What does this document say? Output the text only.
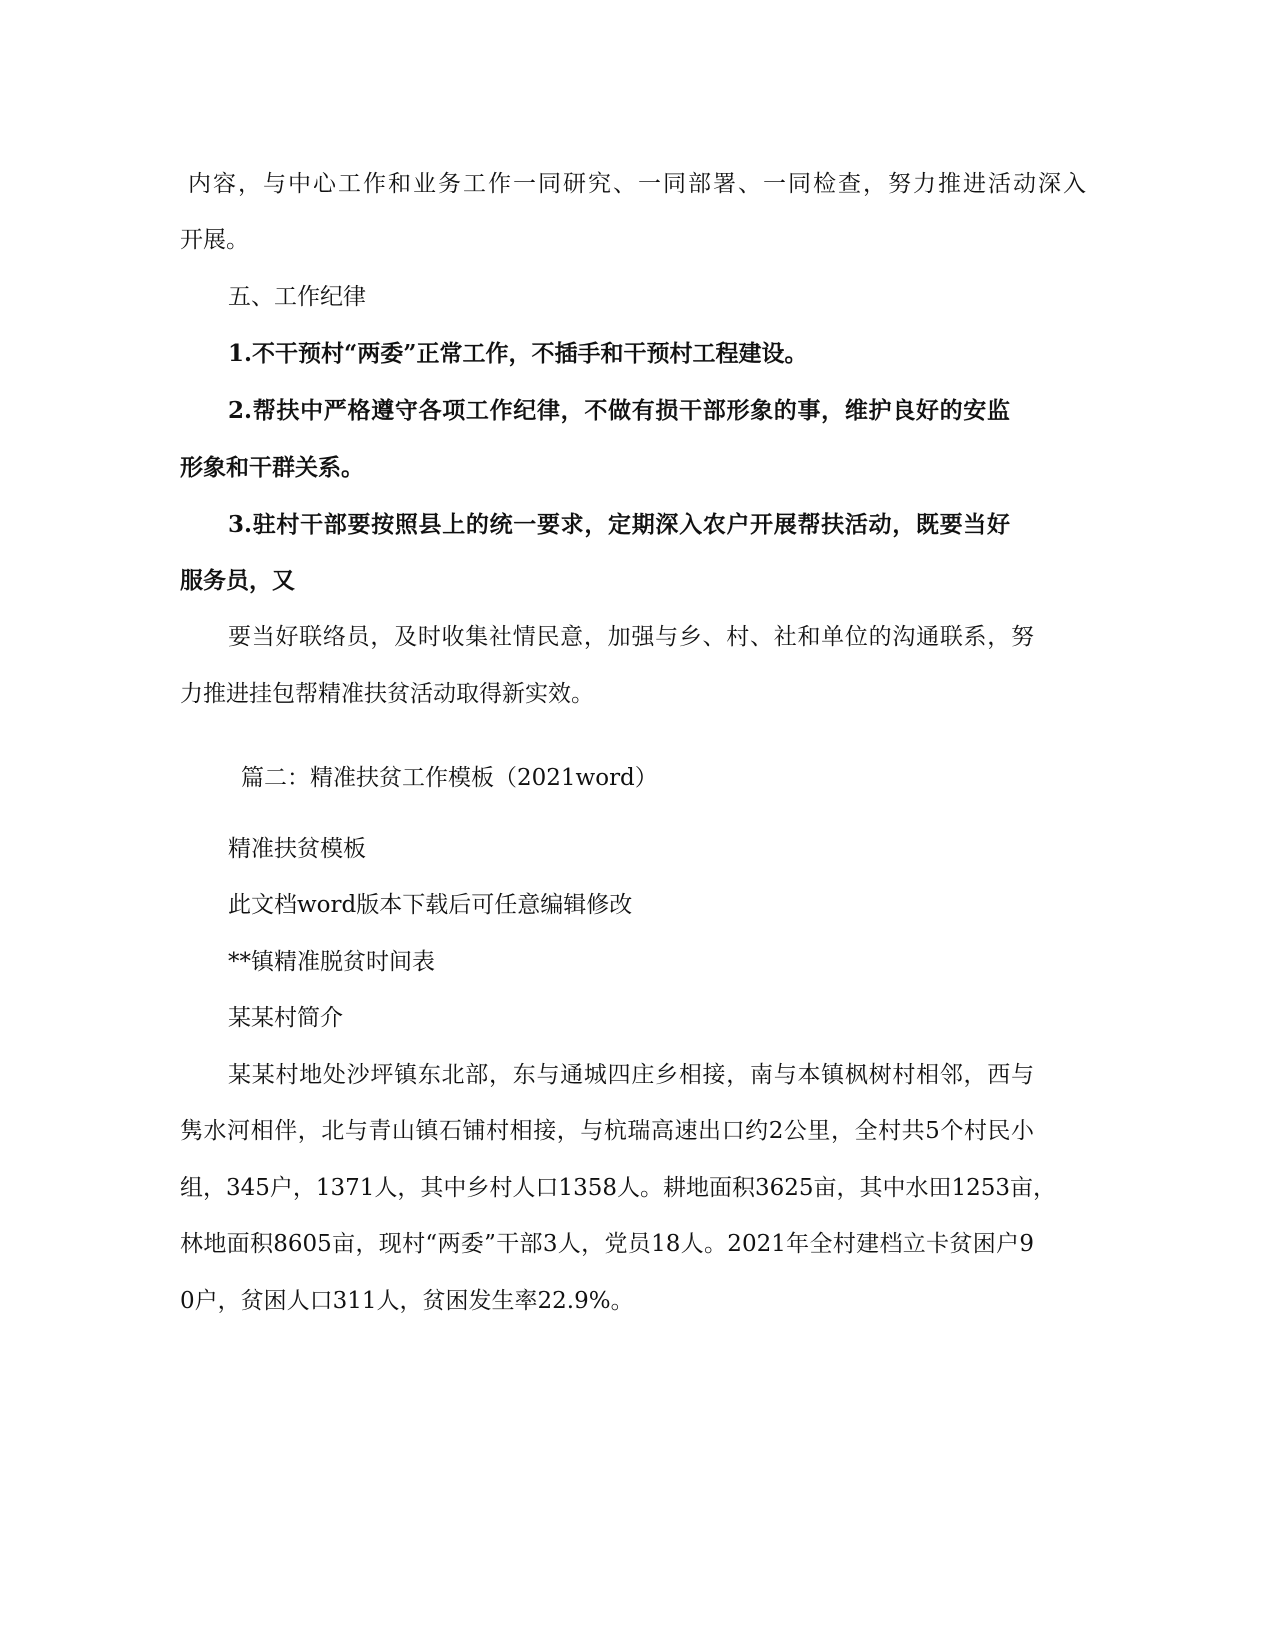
内容，与中心工作和业务工作一同研究、一同部署、一同检查，努力推进活动深入
开展。
五、工作纪律
1.不干预村“两委”正常工作，不插手和干预村工程建设。
2.帮扶中严格遵守各项工作纪律，不做有损干部形象的事，维护良好的安监
形象和干群关系。
3.驻村干部要按照县上的统一要求，定期深入农户开展帮扶活动，既要当好
服务员，又
要当好联络员，及时收集社情民意，加强与乡、村、社和单位的沟通联系，努
力推进挂包帮精准扶贫活动取得新实效。
篇二：精准扶贫工作模板（2021word）
精准扶贫模板
此文档word版本下载后可任意编辑修改
**镇精准脱贫时间表
某某村简介
某某村地处沙坪镇东北部，东与通城四庄乡相接，南与本镇枫树村相邻，西与
隽水河相伴，北与青山镇石铺村相接，与杭瑞高速出口约2公里，全村共5个村民小
组，345户，1371人，其中乡村人口1358人。耕地面积3625亩，其中水田1253亩，
林地面积8605亩，现村“两委”干部3人，党员18人。2021年全村建档立卡贫困户9
0户，贫困人口311人，贫困发生率22.9%。
